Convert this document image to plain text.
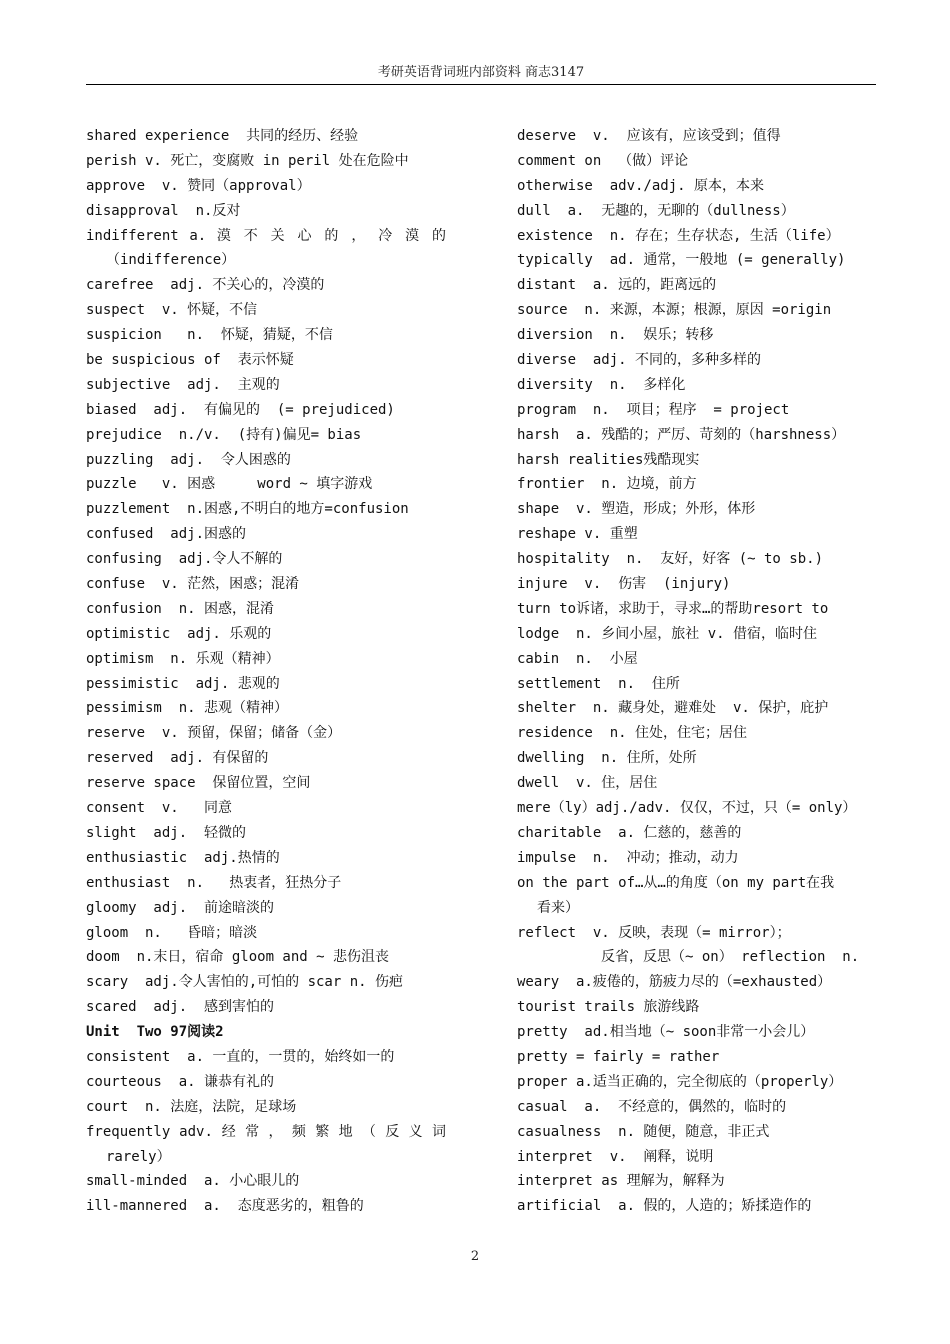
考研英语背词班内部资料 商志3147
shared experience  共同的经历、经验
perish v. 死亡，变腐败 in peril 处在危险中
approve  v. 赞同（approval）
disapproval  n.反对
indifferent a. 漠 不 关 心 的 ， 冷 漠 的
（indifference）
carefree  adj. 不关心的，冷漠的
suspect  v. 怀疑，不信
suspicion   n.  怀疑，猜疑，不信
be suspicious of  表示怀疑
subjective  adj.  主观的
biased  adj.  有偏见的  (= prejudiced)
prejudice  n./v.  (持有)偏见= bias
puzzling  adj.  令人困惑的
puzzle   v. 困惑     word ~ 填字游戏
puzzlement  n.困惑,不明白的地方=confusion
confused  adj.困惑的
confusing  adj.令人不解的
confuse  v. 茫然，困惑；混淆
confusion  n. 困惑，混淆
optimistic  adj. 乐观的
optimism  n. 乐观（精神）
pessimistic  adj. 悲观的
pessimism  n. 悲观（精神）
reserve  v. 预留，保留；储备（金）
reserved  adj. 有保留的
reserve space  保留位置，空间
consent  v.   同意
slight  adj.  轻微的
enthusiastic  adj.热情的
enthusiast  n.   热衷者，狂热分子
gloomy  adj.  前途暗淡的
gloom  n.   昏暗；暗淡
doom  n.末日，宿命 gloom and ~ 悲伤沮丧
scary  adj.令人害怕的,可怕的 scar n. 伤疤
scared  adj.  感到害怕的
Unit  Two 97阅读2
consistent  a. 一直的，一贯的，始终如一的
courteous  a. 谦恭有礼的
court  n. 法庭，法院，足球场
frequently adv. 经 常 ， 频 繁 地 （ 反 义 词
rarely）
small-minded  a. 小心眼儿的
ill-mannered  a.  态度恶劣的，粗鲁的
deserve  v.  应该有，应该受到；值得
comment on  （做）评论
otherwise  adv./adj. 原本，本来
dull  a.  无趣的，无聊的（dullness）
existence  n. 存在；生存状态, 生活（life）
typically  ad. 通常，一般地 (= generally)
distant  a. 远的，距离远的
source  n. 来源，本源；根源，原因 =origin
diversion  n.  娱乐；转移
diverse  adj. 不同的，多种多样的
diversity  n.  多样化
program  n.  项目；程序  = project
harsh  a. 残酷的；严厉、苛刻的（harshness）
harsh realities残酷现实
frontier  n. 边境，前方
shape  v. 塑造，形成；外形，体形
reshape v. 重塑
hospitality  n.  友好，好客 (~ to sb.)
injure  v.  伤害  (injury)
turn to诉诸，求助于，寻求…的帮助resort to
lodge  n. 乡间小屋，旅社 v. 借宿，临时住
cabin  n.  小屋
settlement  n.  住所
shelter  n. 藏身处，避难处  v. 保护，庇护
residence  n. 住处，住宅；居住
dwelling  n. 住所，处所
dwell  v. 住，居住
mere（ly）adj./adv. 仅仅，不过，只（= only）
charitable  a. 仁慈的，慈善的
impulse  n.  冲动；推动，动力
on the part of…从…的角度（on my part在我
看来）
reflect  v. 反映，表现（= mirror）；
反省，反思（~ on） reflection  n.
weary  a.疲倦的，筋疲力尽的（=exhausted）
tourist trails 旅游线路
pretty  ad.相当地（~ soon非常一小会儿）
pretty = fairly = rather
proper a.适当正确的，完全彻底的（properly）
casual  a.  不经意的，偶然的，临时的
casualness  n. 随便，随意，非正式
interpret  v.  阐释，说明
interpret as 理解为，解释为
artificial  a. 假的，人造的；矫揉造作的
2
